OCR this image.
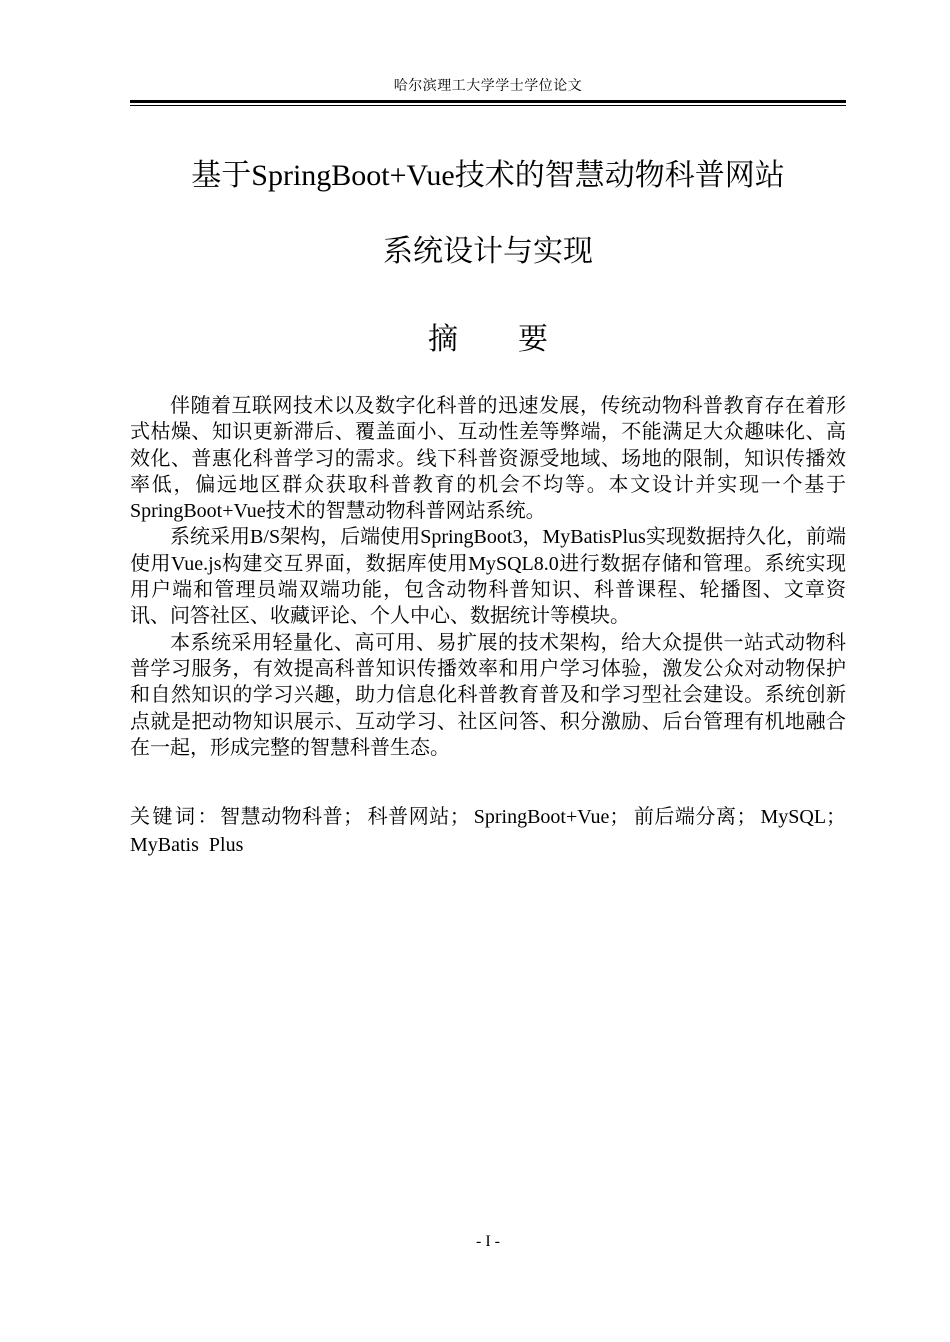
哈尔滨理工大学学士学位论文
基于SpringBoot+Vue技术的智慧动物科普网站
系统设计与实现
摘 要

伴随着互联网技术以及数字化科普的迅速发展，传统动物科普教育存在着形式枯燥、知识更新滞后、覆盖面小、互动性差等弊端，不能满足大众趣味化、高效化、普惠化科普学习的需求。线下科普资源受地域、场地的限制，知识传播效率低，偏远地区群众获取科普教育的机会不均等。本文设计并实现一个基于SpringBoot+Vue技术的智慧动物科普网站系统。

系统采用B/S架构，后端使用SpringBoot3，MyBatisPlus实现数据持久化，前端使用Vue.js构建交互界面，数据库使用MySQL8.0进行数据存储和管理。系统实现用户端和管理员端双端功能，包含动物科普知识、科普课程、轮播图、文章资讯、问答社区、收藏评论、个人中心、数据统计等模块。

本系统采用轻量化、高可用、易扩展的技术架构，给大众提供一站式动物科普学习服务，有效提高科普知识传播效率和用户学习体验，激发公众对动物保护和自然知识的学习兴趣，助力信息化科普教育普及和学习型社会建设。系统创新点就是把动物知识展示、互动学习、社区问答、积分激励、后台管理有机地融合在一起，形成完整的智慧科普生态。

关键词：智慧动物科普； 科普网站； SpringBoot+Vue； 前后端分离； MySQL；MyBatis  Plus
- I -
